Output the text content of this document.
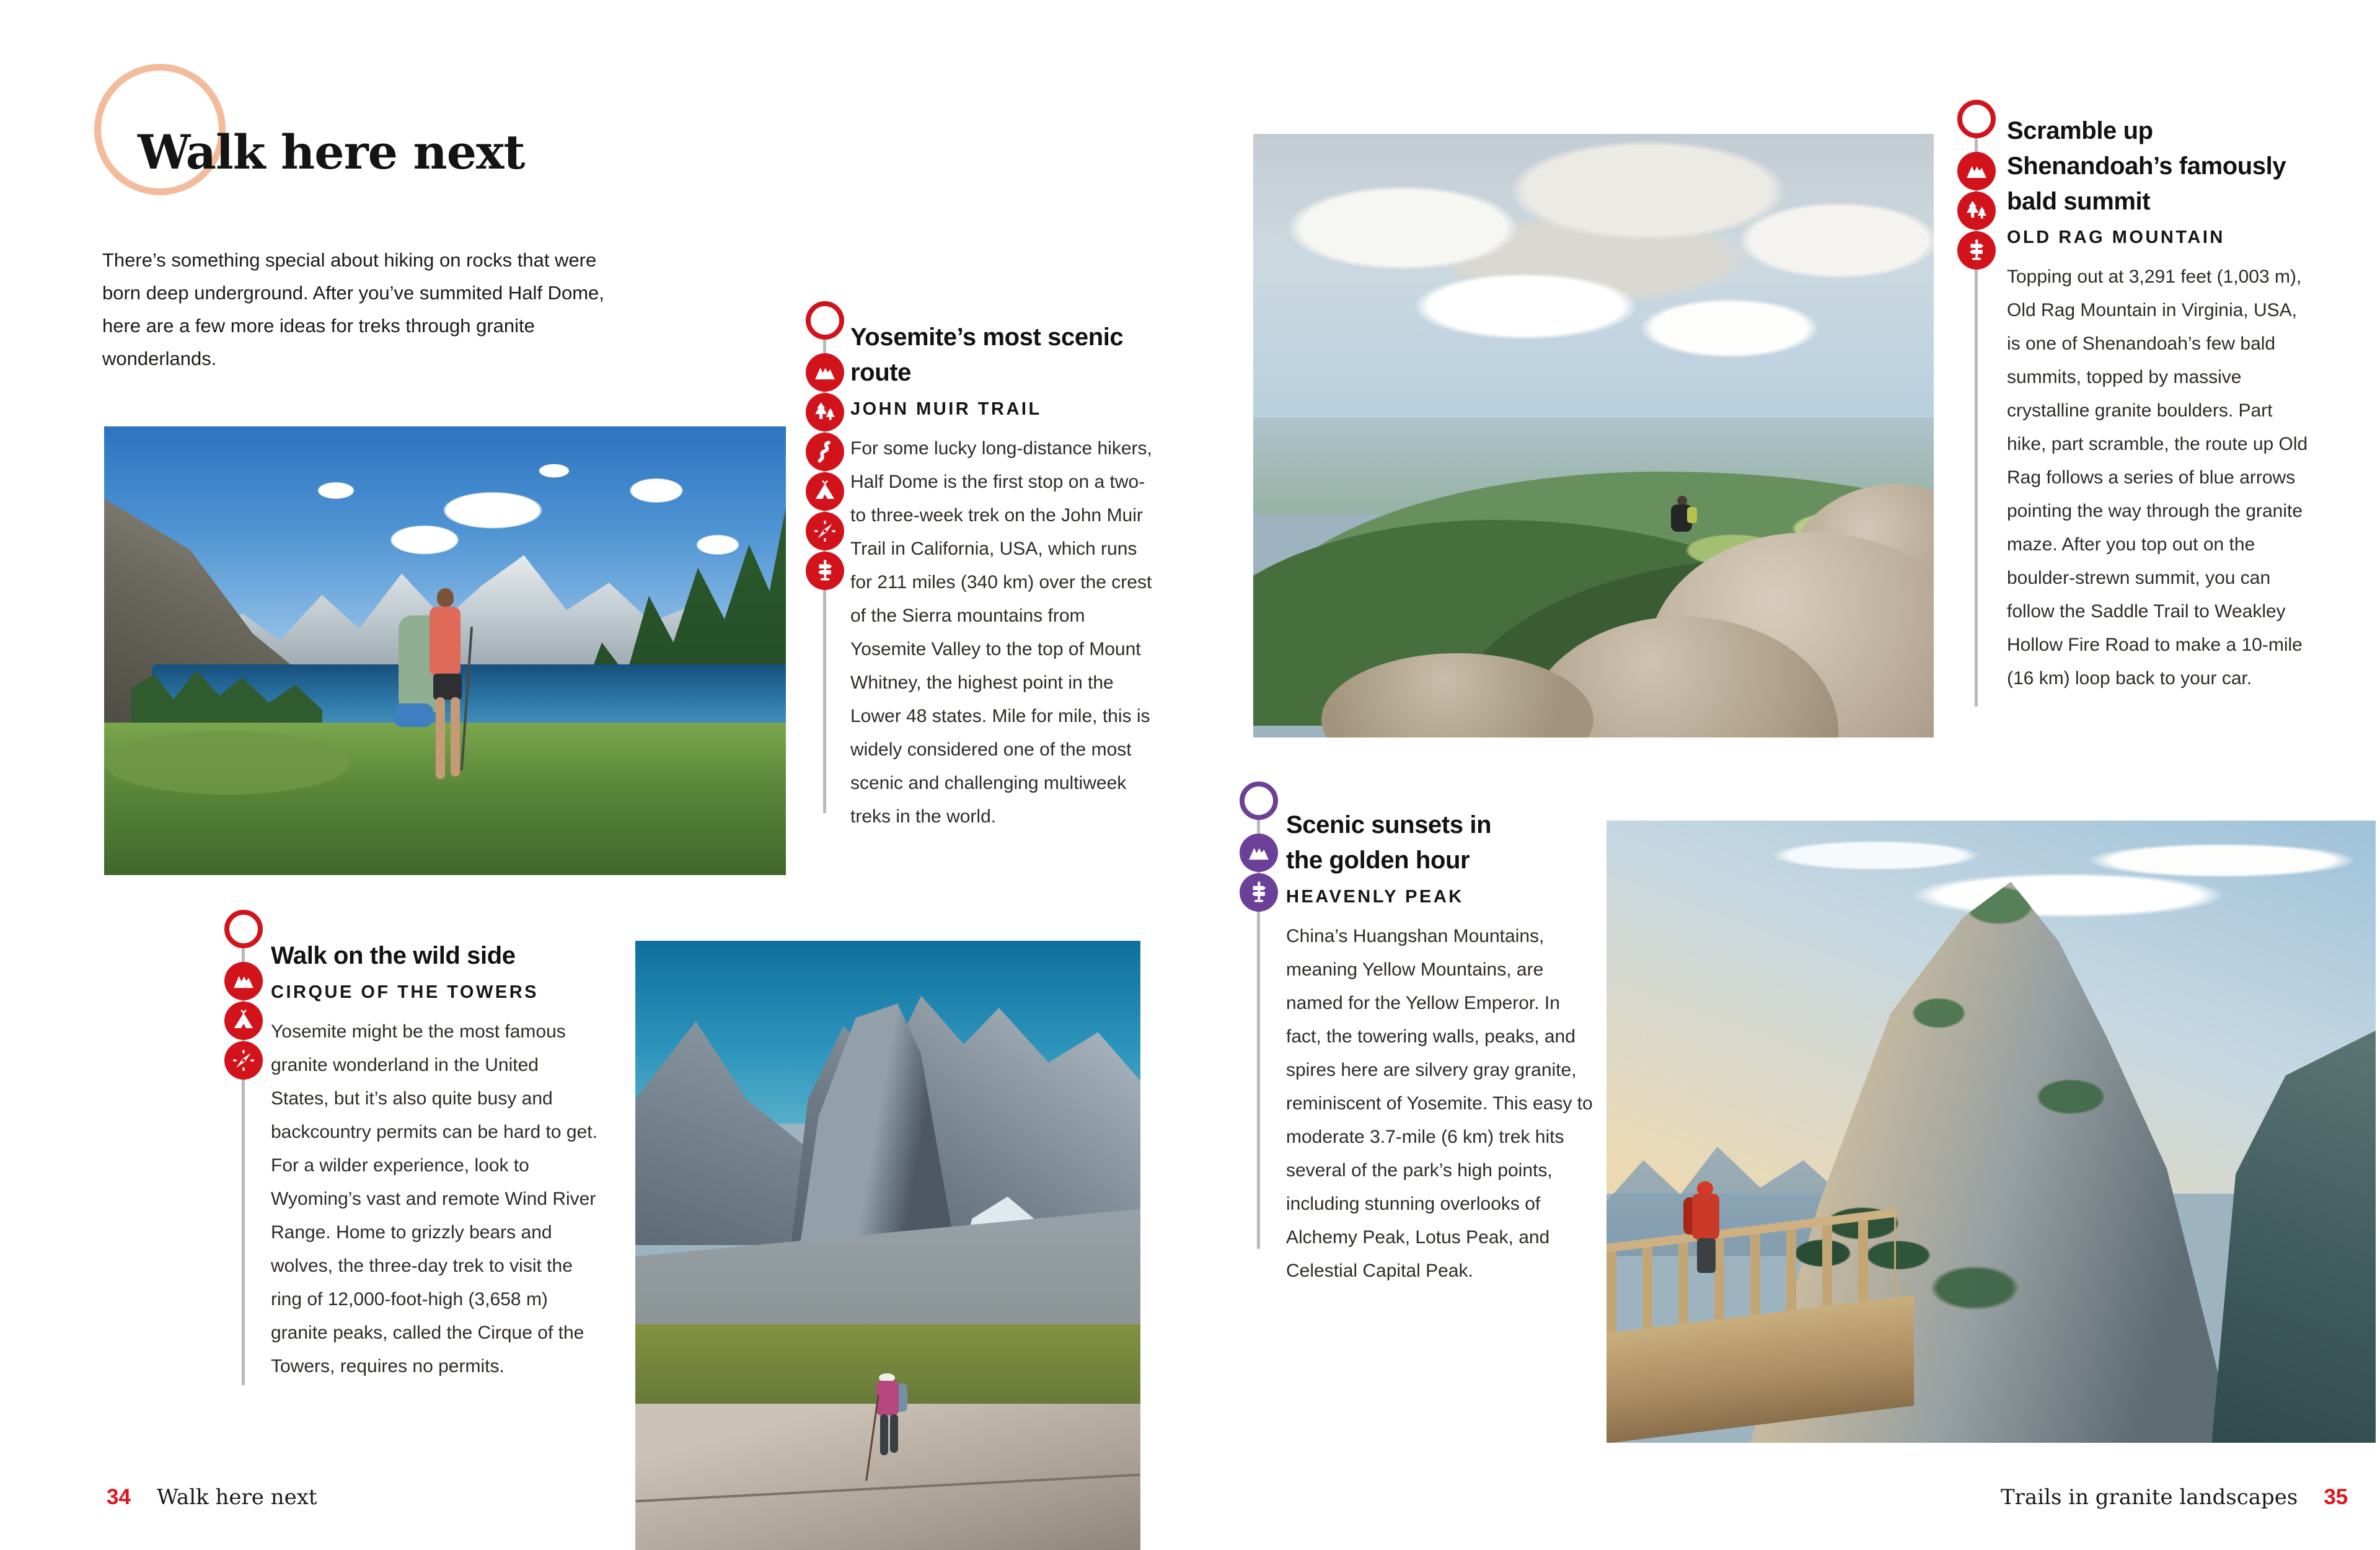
Walk here next

There’s something special about hiking on rocks that were born deep underground. After you’ve summited Half Dome, here are a few more ideas for treks through granite wonderlands.

Yosemite’s most scenic route
JOHN MUIR TRAIL

For some lucky long-distance hikers, Half Dome is the first stop on a two- to three-week trek on the John Muir Trail in California, USA, which runs for 211 miles (340 km) over the crest of the Sierra mountains from Yosemite Valley to the top of Mount Whitney, the highest point in the Lower 48 states. Mile for mile, this is widely considered one of the most scenic and challenging multiweek treks in the world.

Scramble up Shenandoah’s famously bald summit
OLD RAG MOUNTAIN

Topping out at 3,291 feet (1,003 m), Old Rag Mountain in Virginia, USA, is one of Shenandoah’s few bald summits, topped by massive crystalline granite boulders. Part hike, part scramble, the route up Old Rag follows a series of blue arrows pointing the way through the granite maze. After you top out on the boulder-strewn summit, you can follow the Saddle Trail to Weakley Hollow Fire Road to make a 10-mile (16 km) loop back to your car.

Walk on the wild side
CIRQUE OF THE TOWERS

Yosemite might be the most famous granite wonderland in the United States, but it’s also quite busy and backcountry permits can be hard to get. For a wilder experience, look to Wyoming’s vast and remote Wind River Range. Home to grizzly bears and wolves, the three-day trek to visit the ring of 12,000-foot-high (3,658 m) granite peaks, called the Cirque of the Towers, requires no permits.

Scenic sunsets in the golden hour
HEAVENLY PEAK

China’s Huangshan Mountains, meaning Yellow Mountains, are named for the Yellow Emperor. In fact, the towering walls, peaks, and spires here are silvery gray granite, reminiscent of Yosemite. This easy to moderate 3.7-mile (6 km) trek hits several of the park’s high points, including stunning overlooks of Alchemy Peak, Lotus Peak, and Celestial Capital Peak.

34 Walk here next	Trails in granite landscapes 35
